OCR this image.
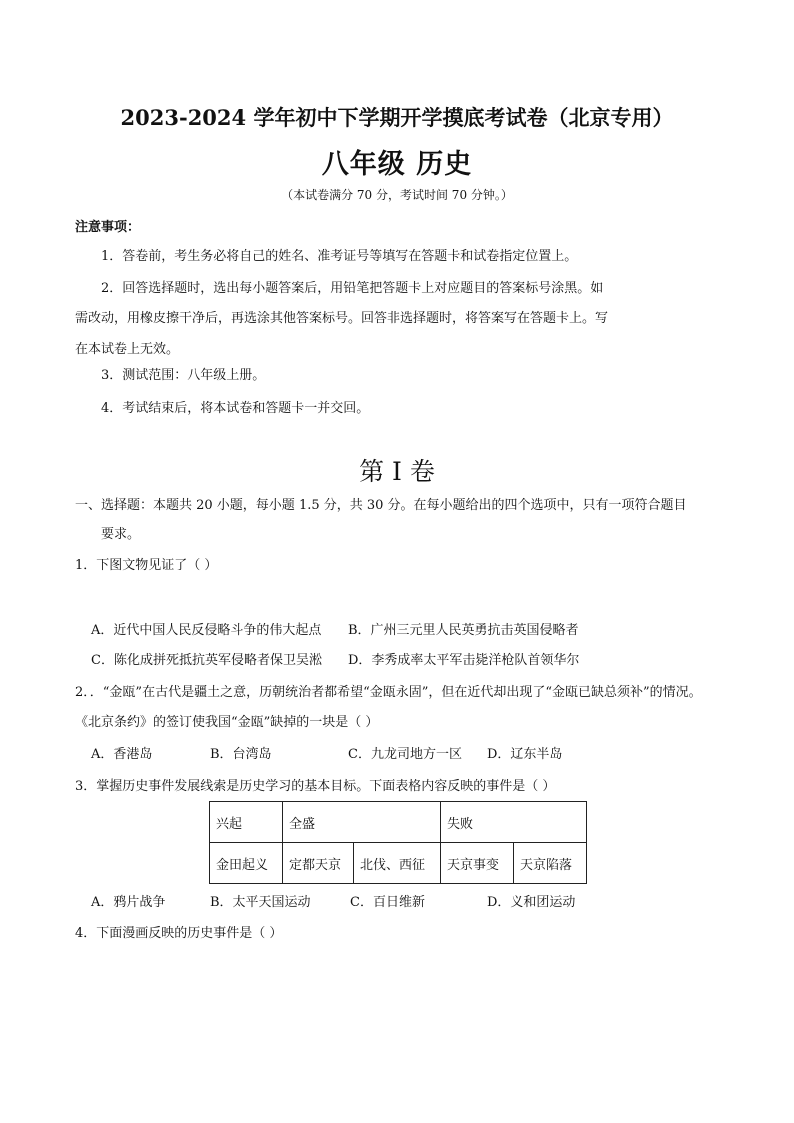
2023-2024 学年初中下学期开学摸底考试卷（北京专用）
八年级 历史
（本试卷满分 70 分，考试时间 70 分钟。）
注意事项：
1．答卷前，考生务必将自己的姓名、准考证号等填写在答题卡和试卷指定位置上。
2．回答选择题时，选出每小题答案后，用铅笔把答题卡上对应题目的答案标号涂黑。如
需改动，用橡皮擦干净后，再选涂其他答案标号。回答非选择题时，将答案写在答题卡上。写
在本试卷上无效。
3．测试范围：八年级上册。
4．考试结束后，将本试卷和答题卡一并交回。
第 I 卷
一、选择题：本题共 20 小题，每小题 1.5 分，共 30 分。在每小题给出的四个选项中，只有一项符合题目
要求。
1．下图文物见证了（ ）
A．近代中国人民反侵略斗争的伟大起点 B．广州三元里人民英勇抗击英国侵略者
C．陈化成拼死抵抗英军侵略者保卫吴淞 D．李秀成率太平军击毙洋枪队首领华尔
2．．“金瓯”在古代是疆土之意，历朝统治者都希望“金瓯永固”，但在近代却出现了“金瓯已缺总须补”的情况。
《北京条约》的签订使我国“金瓯”缺掉的一块是（ ）
A．香港岛	B．台湾岛	C．九龙司地方一区 D．辽东半岛
3．掌握历史事件发展线索是历史学习的基本目标。下面表格内容反映的事件是（ ）
兴起	全盛		失败	
金田起义	定都天京	北伐、西征	天京事变	天京陷落
A．鸦片战争	B．太平天国运动	C．百日维新	D．义和团运动
4．下面漫画反映的历史事件是（ ）
